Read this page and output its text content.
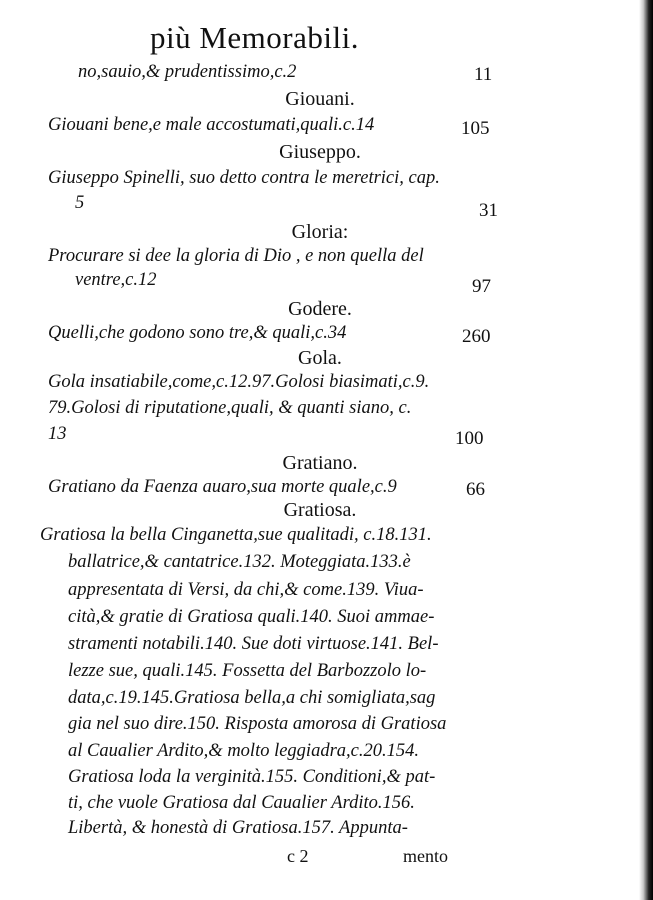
più Memorabili.
no,sauio,& prudentissimo,c.2	11
Giouani.
Giouani bene,e male accostumati,quali.c.14	105
Giuseppo.
Giuseppo Spinelli, suo detto contra le meretrici, cap.
5	31
Gloria:
Procurare si dee la gloria di Dio , e non quella del
ventre,c.12	97
Godere.
Quelli,che godono sono tre,& quali,c.34	260
Gola.
Gola insatiabile,come,c.12.97.Golosi biasimati,c.9.
79.Golosi di riputatione,quali, & quanti siano, c.
13	100
Gratiano.
Gratiano da Faenza auaro,sua morte quale,c.9	66
Gratiosa.
Gratiosa la bella Cinganetta,sue qualitadi, c.18.131.
ballatrice,& cantatrice.132. Moteggiata.133.è
appresentata di Versi, da chi,& come.139. Viua-
cità,& gratie di Gratiosa quali.140. Suoi ammae-
stramenti notabili.140. Sue doti virtuose.141. Bel-
lezze sue, quali.145. Fossetta del Barbozzolo lo-
data,c.19.145.Gratiosa bella,a chi somigliata,sag
gia nel suo dire.150. Risposta amorosa di Gratiosa
al Caualier Ardito,& molto leggiadra,c.20.154.
Gratiosa loda la verginità.155. Conditioni,& pat-
ti, che vuole Gratiosa dal Caualier Ardito.156.
Libertà, & honestà di Gratiosa.157. Appunta-
c 2	mento
